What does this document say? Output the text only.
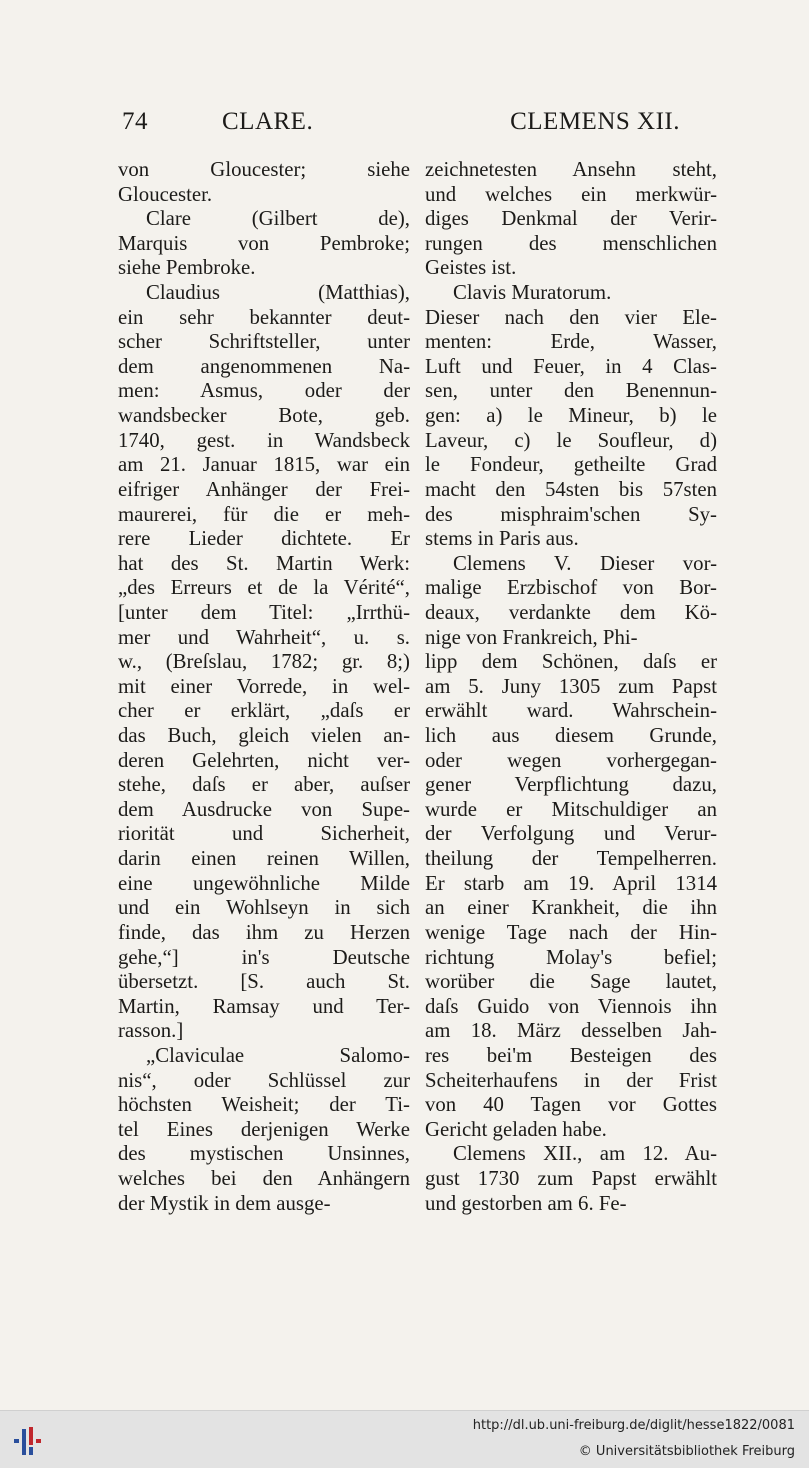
74	CLARE.	CLEMENS XII.
von Gloucester; siehe
Gloucester.
Clare (Gilbert de),
Marquis von Pembroke;
siehe Pembroke.
Claudius (Matthias),
ein sehr bekannter deut-
scher Schriftsteller, unter
dem angenommenen Na-
men: Asmus, oder der
wandsbecker Bote, geb.
1740, gest. in Wandsbeck
am 21. Januar 1815, war ein
eifriger Anhänger der Frei-
maurerei, für die er meh-
rere Lieder dichtete. Er
hat des St. Martin Werk:
„des Erreurs et de la Vérité“,
[unter dem Titel: „Irrthü-
mer und Wahrheit“, u. s.
w., (Breſslau, 1782; gr. 8;)
mit einer Vorrede, in wel-
cher er erklärt, „daſs er
das Buch, gleich vielen an-
deren Gelehrten, nicht ver-
stehe, daſs er aber, auſser
dem Ausdrucke von Supe-
riorität und Sicherheit,
darin einen reinen Willen,
eine ungewöhnliche Milde
und ein Wohlseyn in sich
finde, das ihm zu Herzen
gehe,“] in's Deutsche
übersetzt. [S. auch St.
Martin, Ramsay und Ter-
rasson.]
„Claviculae Salomo-
nis“, oder Schlüssel zur
höchsten Weisheit; der Ti-
tel Eines derjenigen Werke
des mystischen Unsinnes,
welches bei den Anhängern
der Mystik in dem ausge-
zeichnetesten Ansehn steht,
und welches ein merkwür-
diges Denkmal der Verir-
rungen des menschlichen
Geistes ist.
Clavis Muratorum.
Dieser nach den vier Ele-
menten: Erde, Wasser,
Luft und Feuer, in 4 Clas-
sen, unter den Benennun-
gen: a) le Mineur, b) le
Laveur, c) le Soufleur, d)
le Fondeur, getheilte Grad
macht den 54sten bis 57sten
des misphraim'schen Sy-
stems in Paris aus.
Clemens V. Dieser vor-
malige Erzbischof von Bor-
deaux, verdankte dem Kö-
nige von Frankreich, Phi-
lipp dem Schönen, daſs er
am 5. Juny 1305 zum Papst
erwählt ward. Wahrschein-
lich aus diesem Grunde,
oder wegen vorhergegan-
gener Verpflichtung dazu,
wurde er Mitschuldiger an
der Verfolgung und Verur-
theilung der Tempelherren.
Er starb am 19. April 1314
an einer Krankheit, die ihn
wenige Tage nach der Hin-
richtung Molay's befiel;
worüber die Sage lautet,
daſs Guido von Viennois ihn
am 18. März desselben Jah-
res bei'm Besteigen des
Scheiterhaufens in der Frist
von 40 Tagen vor Gottes
Gericht geladen habe.
Clemens XII., am 12. Au-
gust 1730 zum Papst erwählt
und gestorben am 6. Fe-
http://dl.ub.uni-freiburg.de/diglit/hesse1822/0081
© Universitätsbibliothek Freiburg
